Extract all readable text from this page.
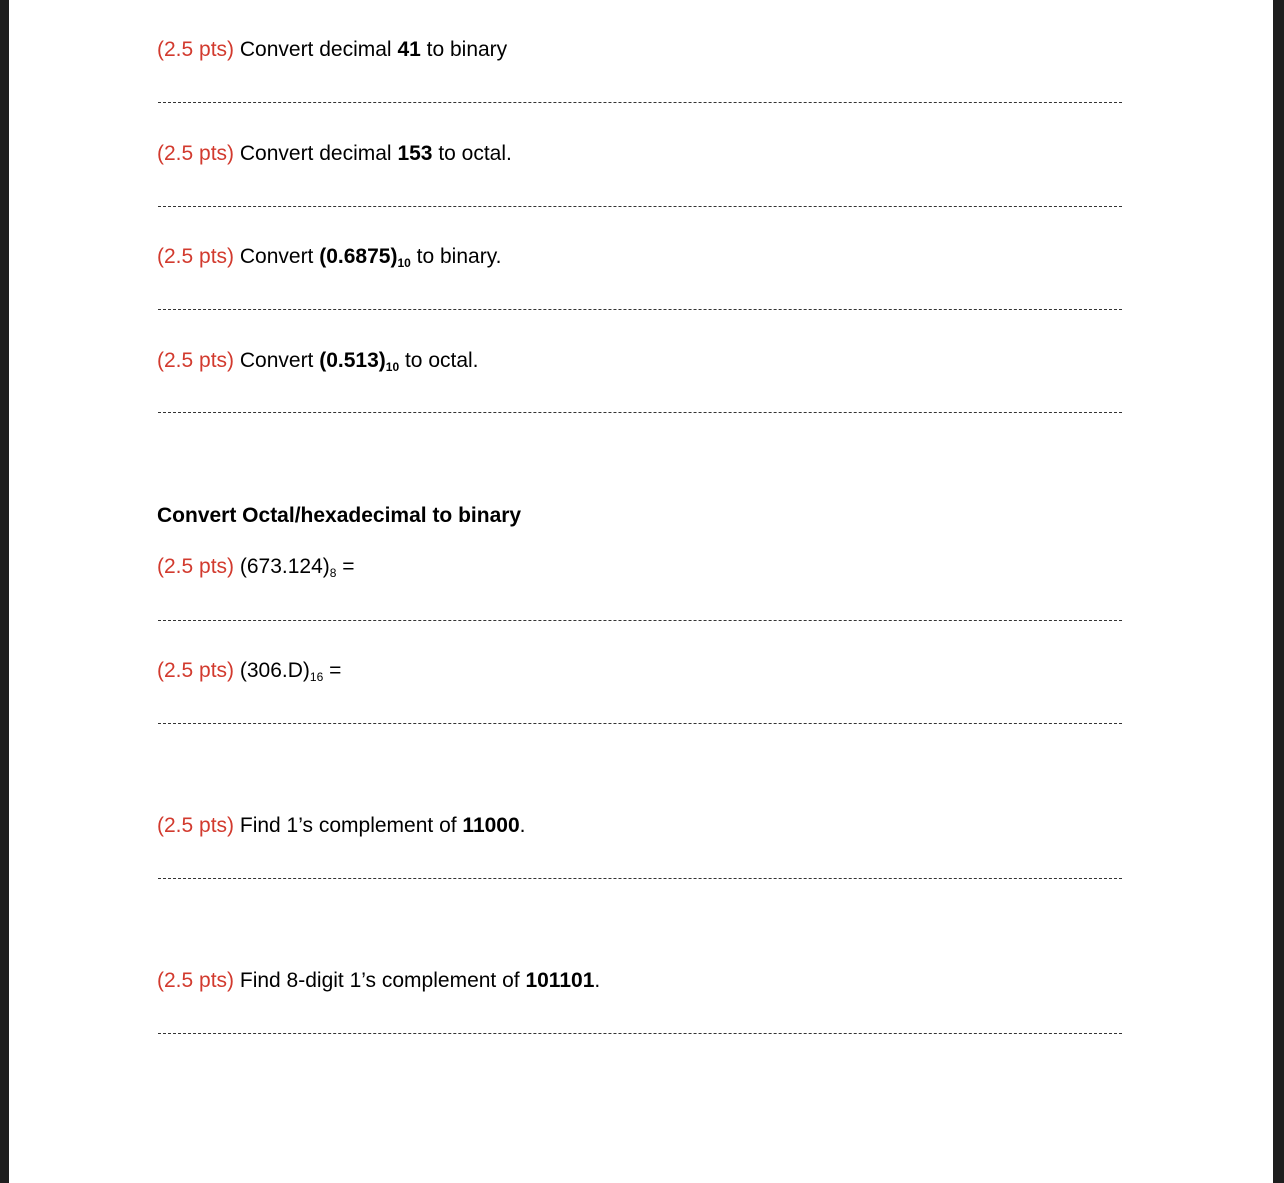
(2.5 pts) Convert decimal 41 to binary
(2.5 pts) Convert decimal 153 to octal.
(2.5 pts) Convert $(0.6875)_{10}$ to binary.
(2.5 pts) Convert $(0.513)_{10}$ to octal.
Convert Octal/hexadecimal to binary
(2.5 pts) $(673.124)_8$ =
(2.5 pts) $(306.D)_{16}$ =
(2.5 pts) Find 1’s complement of 11000.
(2.5 pts) Find 8-digit 1’s complement of 101101.
